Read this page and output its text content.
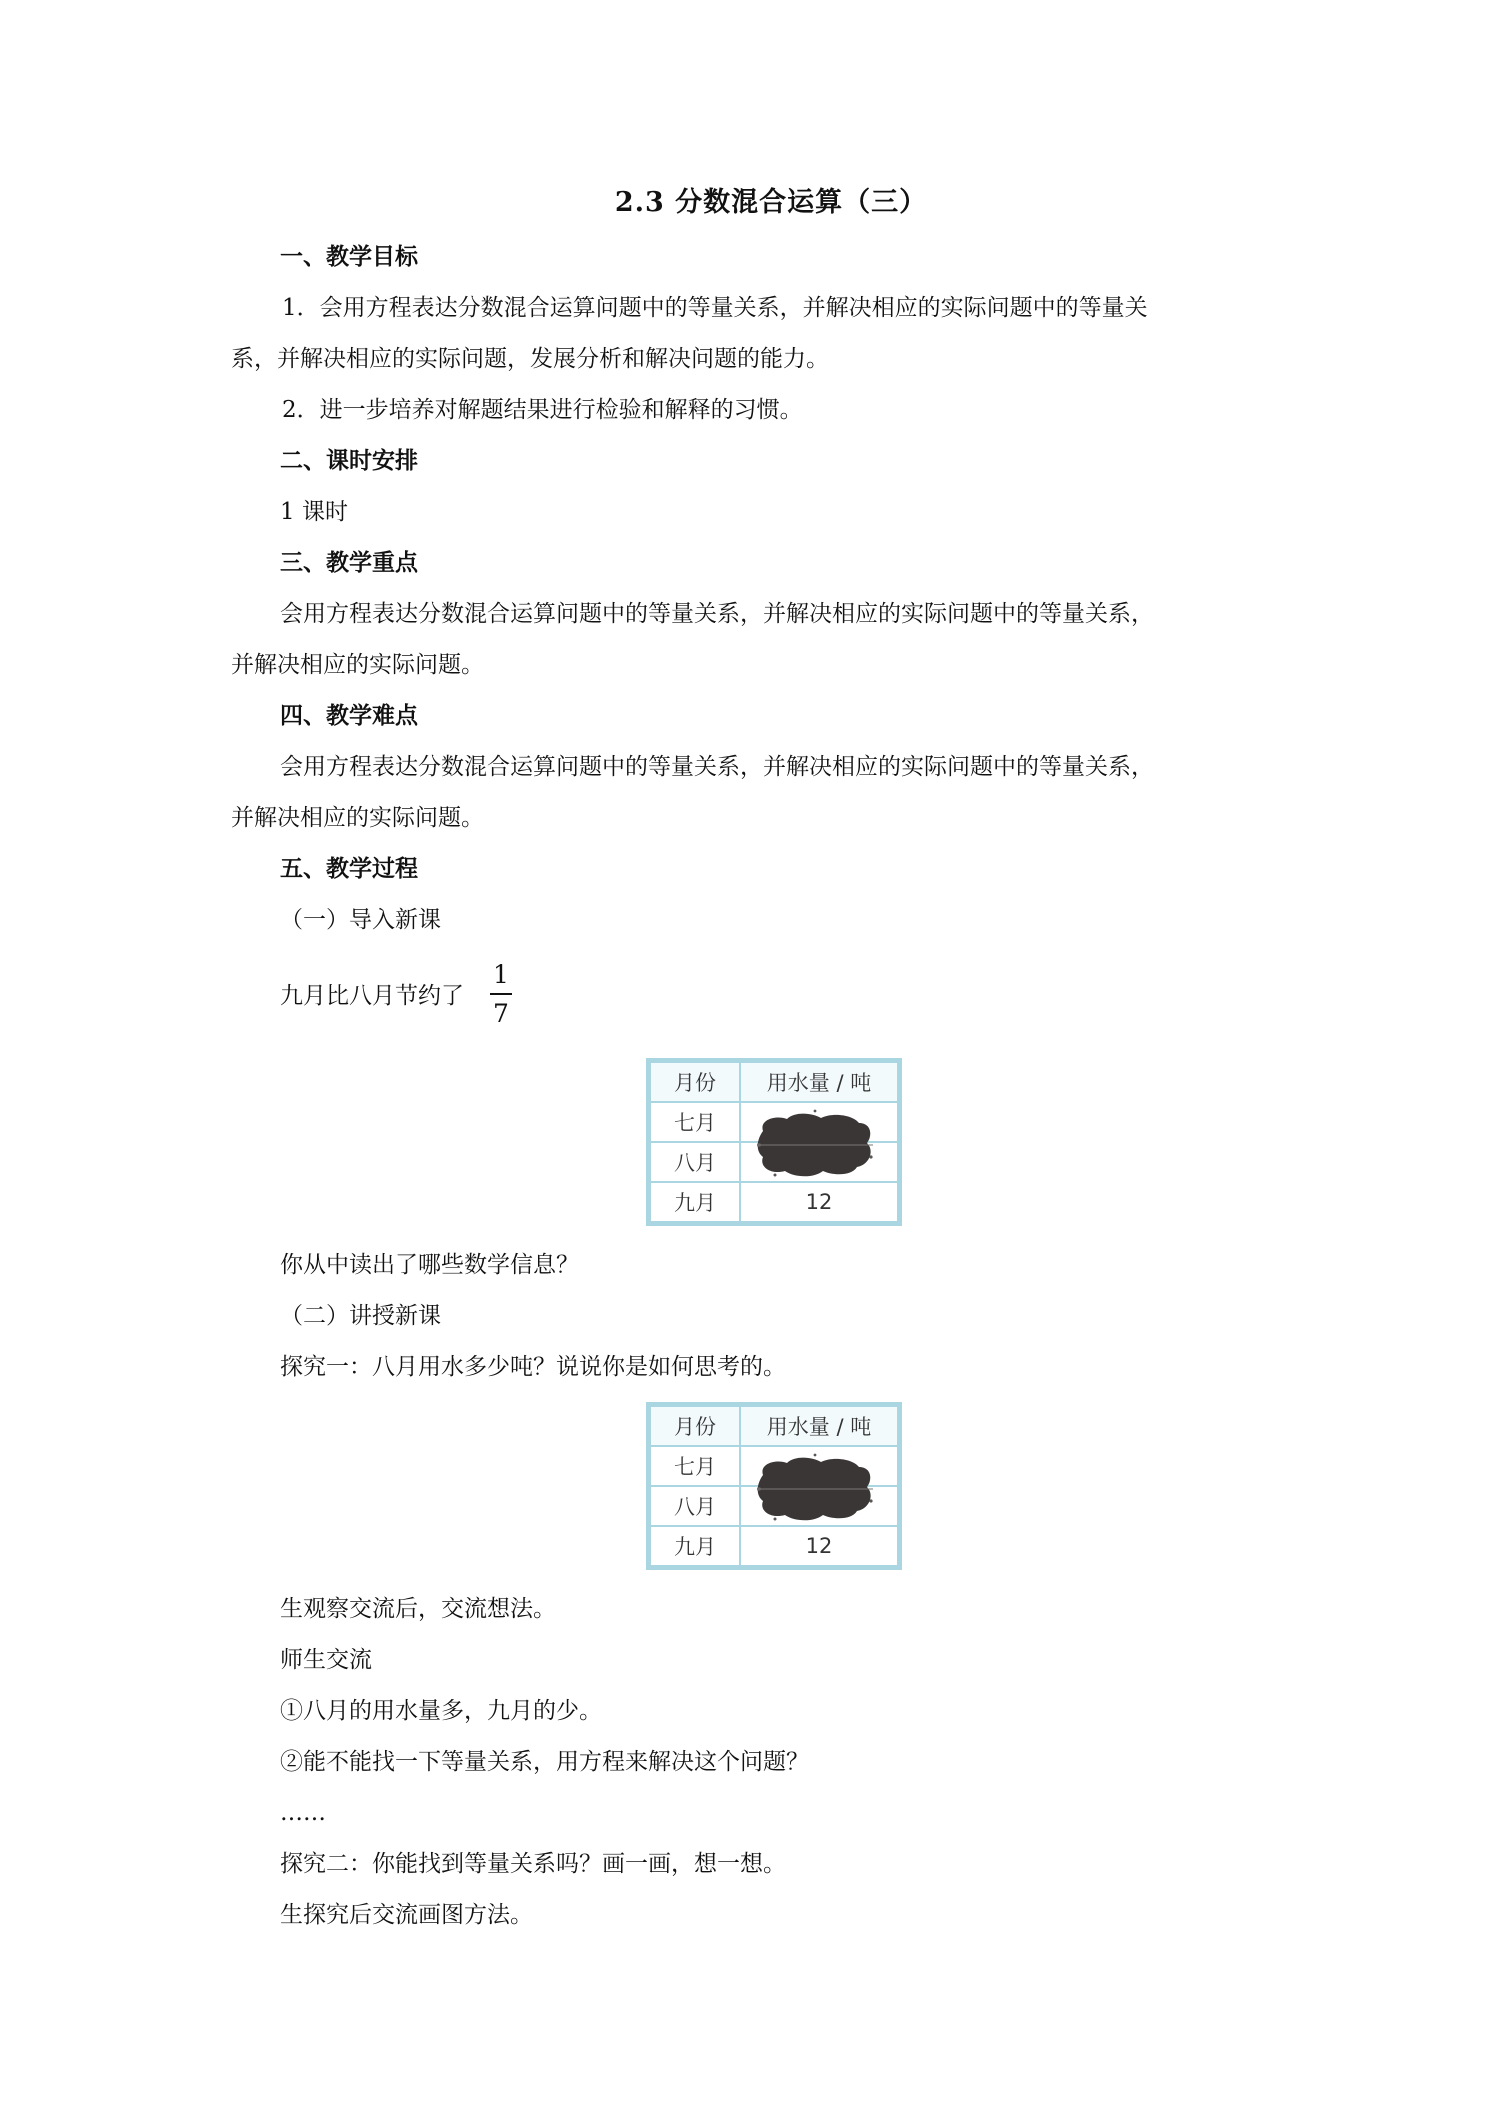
2.3 分数混合运算（三）
一、教学目标
1．会用方程表达分数混合运算问题中的等量关系，并解决相应的实际问题中的等量关
系，并解决相应的实际问题，发展分析和解决问题的能力。
2．进一步培养对解题结果进行检验和解释的习惯。
二、课时安排
1 课时
三、教学重点
会用方程表达分数混合运算问题中的等量关系，并解决相应的实际问题中的等量关系，
并解决相应的实际问题。
四、教学难点
会用方程表达分数混合运算问题中的等量关系，并解决相应的实际问题中的等量关系，
并解决相应的实际问题。
五、教学过程
（一）导入新课
九月比八月节约了
1
7
月份	用水量 / 吨
七月	
八月	
九月	12
你从中读出了哪些数学信息？
（二）讲授新课
探究一：八月用水多少吨？说说你是如何思考的。
月份	用水量 / 吨
七月	
八月	
九月	12
生观察交流后，交流想法。
师生交流
①八月的用水量多，九月的少。
②能不能找一下等量关系，用方程来解决这个问题？
……
探究二：你能找到等量关系吗？画一画，想一想。
生探究后交流画图方法。
